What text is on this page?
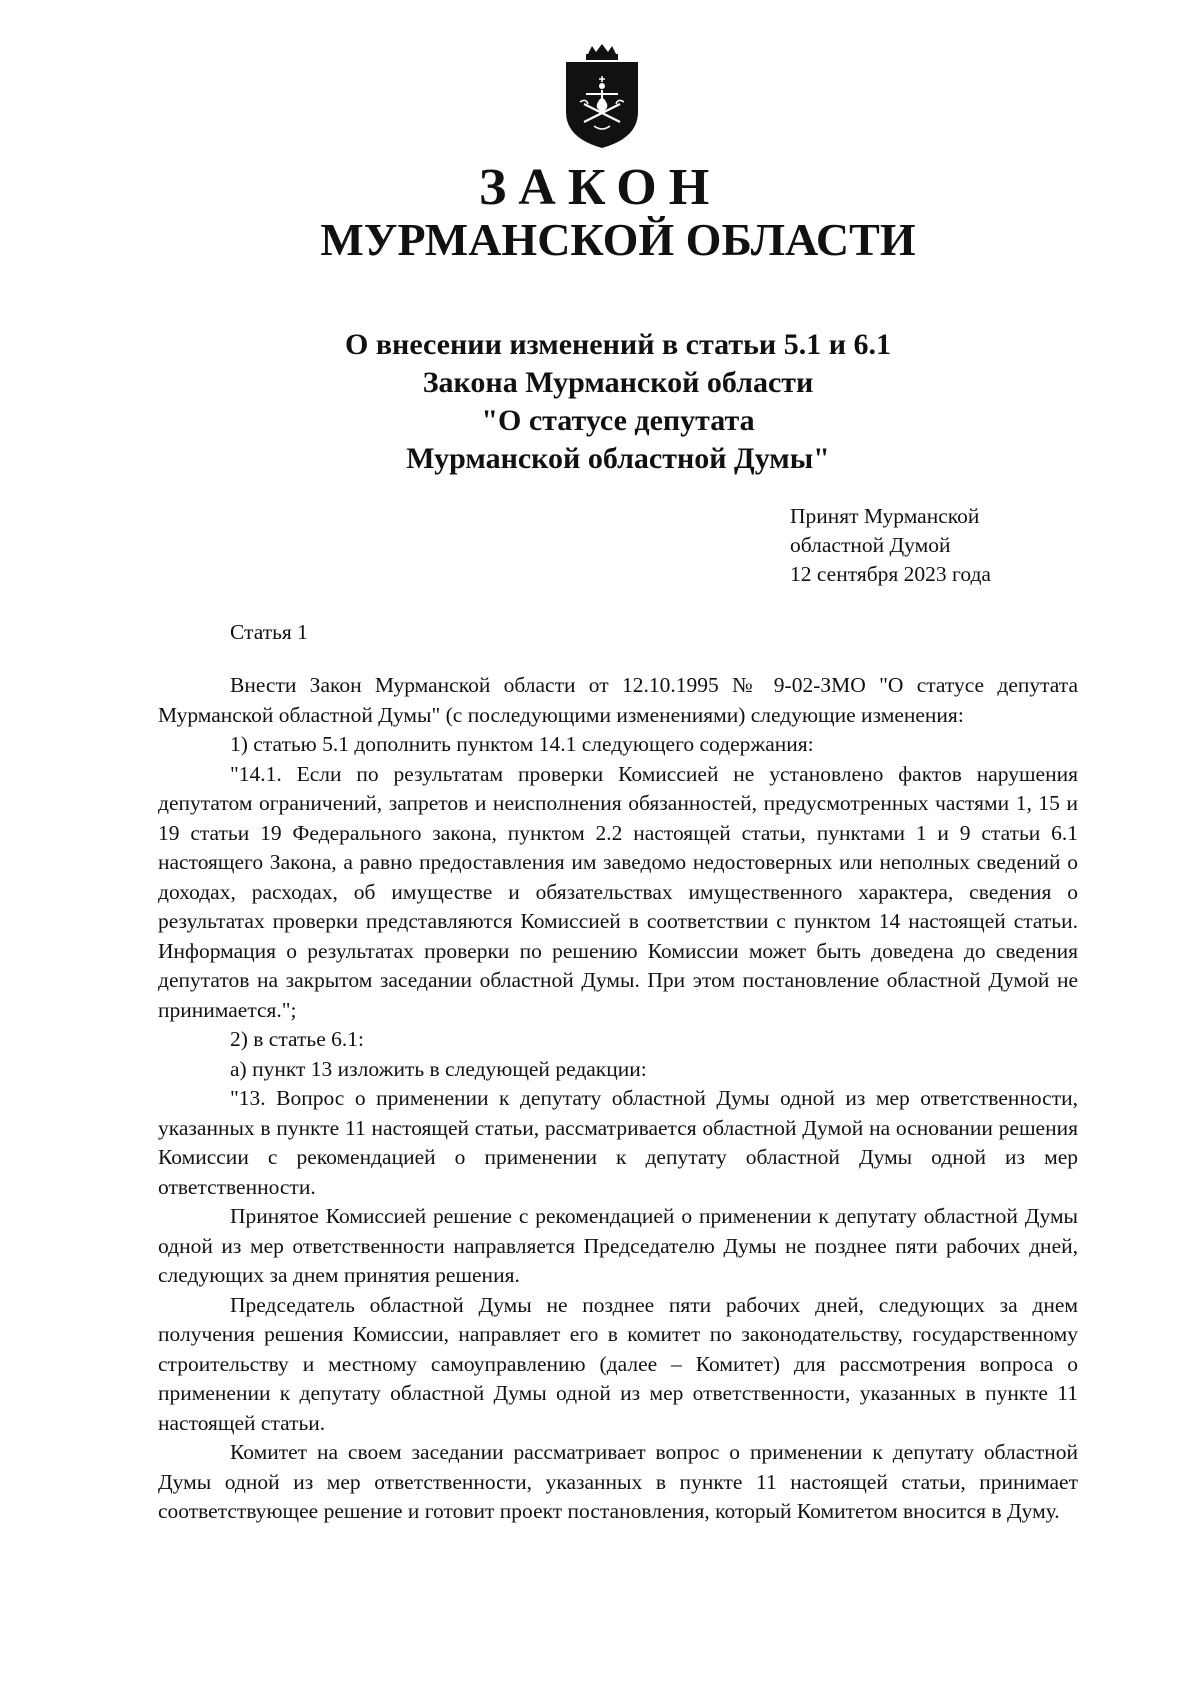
ЗАКОН
МУРМАНСКОЙ ОБЛАСТИ
О внесении изменений в статьи 5.1 и 6.1
Закона Мурманской области
"О статусе депутата
Мурманской областной Думы"
Принят Мурманской
областной Думой
12 сентября 2023 года
Статья 1

Внести Закон Мурманской области от 12.10.1995 № 9-02-ЗМО "О статусе депутата Мурманской областной Думы" (с последующими изменениями) следующие изменения:

1) статью 5.1 дополнить пунктом 14.1 следующего содержания:

"14.1. Если по результатам проверки Комиссией не установлено фактов нарушения депутатом ограничений, запретов и неисполнения обязанностей, предусмотренных частями 1, 15 и 19 статьи 19 Федерального закона, пунктом 2.2 настоящей статьи, пунктами 1 и 9 статьи 6.1 настоящего Закона, а равно предоставления им заведомо недостоверных или неполных сведений о доходах, расходах, об имуществе и обязательствах имущественного характера, сведения о результатах проверки представляются Комиссией в соответствии с пунктом 14 настоящей статьи. Информация о результатах проверки по решению Комиссии может быть доведена до сведения депутатов на закрытом заседании областной Думы. При этом постановление областной Думой не принимается.";

2) в статье 6.1:

а) пункт 13 изложить в следующей редакции:

"13. Вопрос о применении к депутату областной Думы одной из мер ответственности, указанных в пункте 11 настоящей статьи, рассматривается областной Думой на основании решения Комиссии с рекомендацией о применении к депутату областной Думы одной из мер ответственности.

Принятое Комиссией решение с рекомендацией о применении к депутату областной Думы одной из мер ответственности направляется Председателю Думы не позднее пяти рабочих дней, следующих за днем принятия решения.

Председатель областной Думы не позднее пяти рабочих дней, следующих за днем получения решения Комиссии, направляет его в комитет по законодательству, государственному строительству и местному самоуправлению (далее – Комитет) для рассмотрения вопроса о применении к депутату областной Думы одной из мер ответственности, указанных в пункте 11 настоящей статьи.

Комитет на своем заседании рассматривает вопрос о применении к депутату областной Думы одной из мер ответственности, указанных в пункте 11 настоящей статьи, принимает соответствующее решение и готовит проект постановления, который Комитетом вносится в Думу.
